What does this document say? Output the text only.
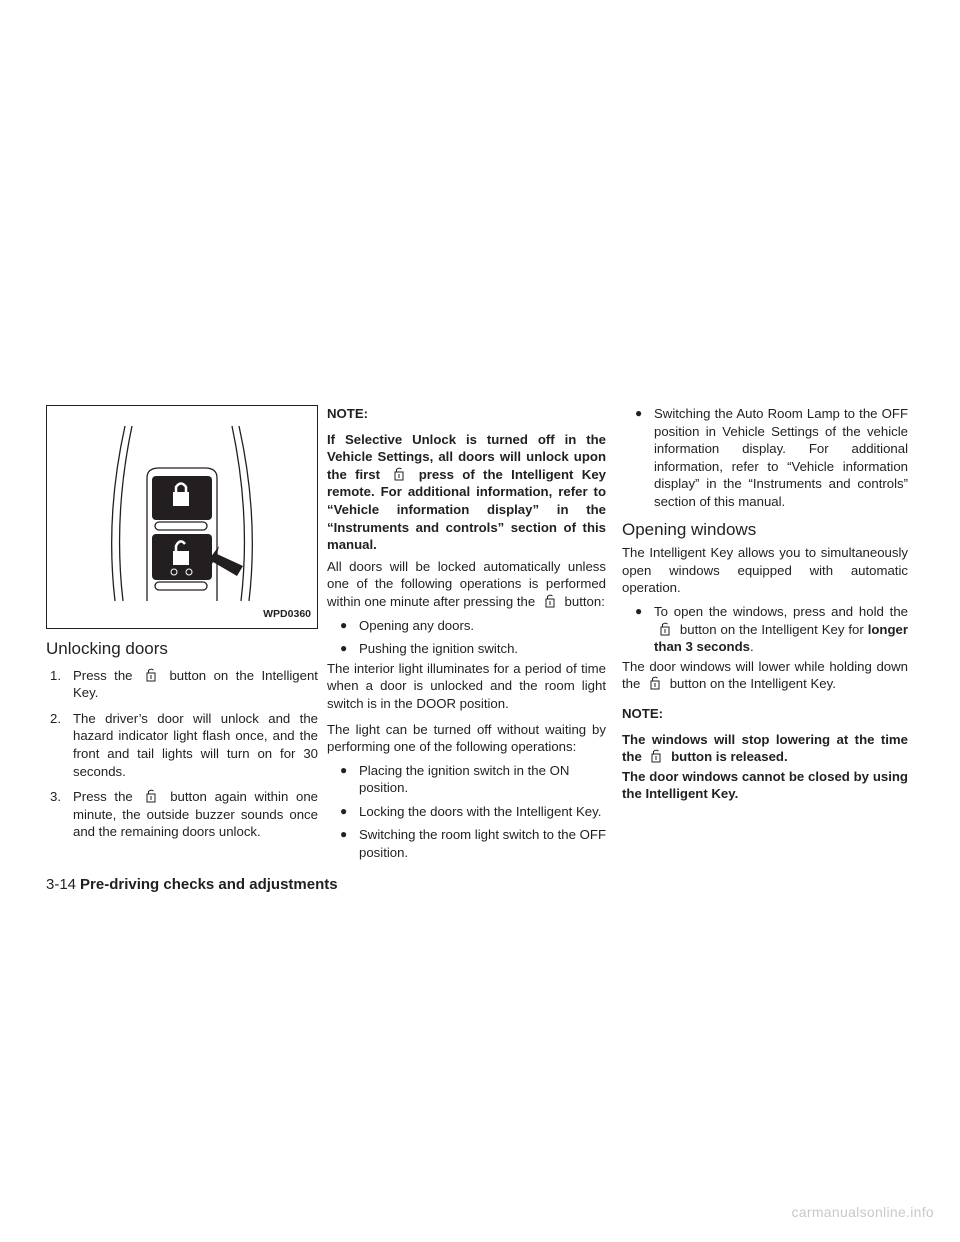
WPD0360
Unlocking doors
1. Press the	button on the Intelligent Key.
2. The driver’s door will unlock and the hazard indicator light flash once, and the front and tail lights will turn on for 30 seconds.
3. Press the	button again within one minute, the outside buzzer sounds once and the remaining doors unlock.

NOTE:

If Selective Unlock is turned off in the Vehicle Settings, all doors will unlock upon the first	press of the Intelligent Key remote. For additional information, refer to “Vehicle information display” in the “Instruments and controls” section of this manual.

All doors will be locked automatically unless one of the following operations is performed within one minute after pressing the button:

● Opening any doors.
● Pushing the ignition switch.

The interior light illuminates for a period of time when a door is unlocked and the room light switch is in the DOOR position.

The light can be turned off without waiting by performing one of the following operations:

● Placing the ignition switch in the ON position.
● Locking the doors with the Intelligent Key.
● Switching the room light switch to the OFF position.
● Switching the Auto Room Lamp to the OFF position in Vehicle Settings of the vehicle information display. For additional information, refer to “Vehicle information display” in the “Instruments and controls” section of this manual.
Opening windows

The Intelligent Key allows you to simultaneously open windows equipped with automatic operation.

● To open the windows, press and hold the  button on the Intelligent Key for longer than 3 seconds.

The door windows will lower while holding down the button on the Intelligent Key.

NOTE:

The windows will stop lowering at the time the button is released.

The door windows cannot be closed by using the Intelligent Key.

3-14 Pre-driving checks and adjustments
carmanualsonline.info
